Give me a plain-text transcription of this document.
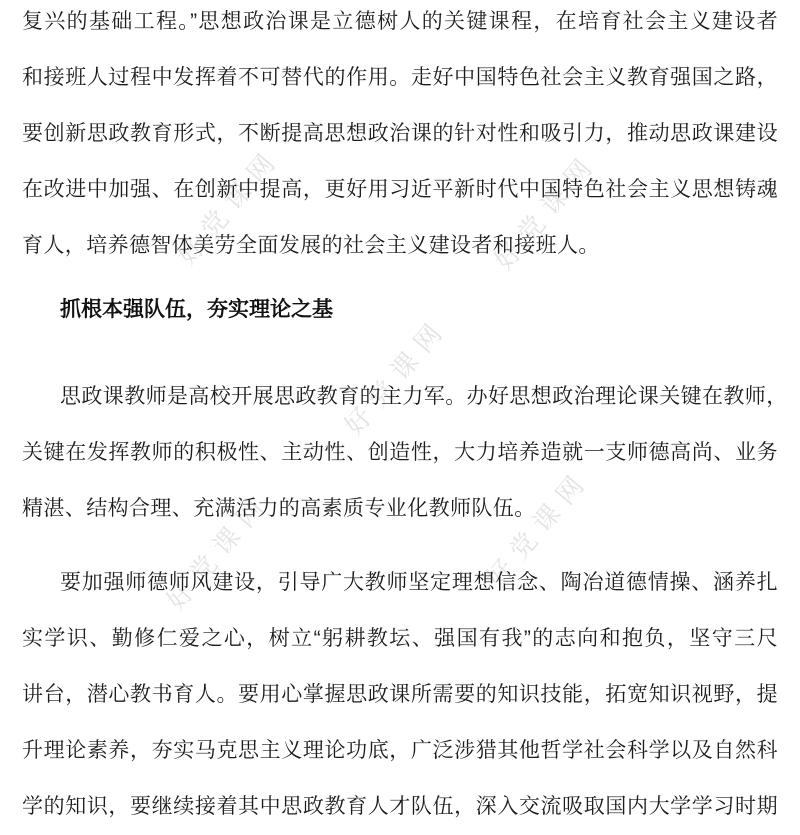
好党课网	好党课网
好党课网
好党课网	好党课网
复兴的基础工程。”思想政治课是立德树人的关键课程，在培育社会主义建设者
和接班人过程中发挥着不可替代的作用。走好中国特色社会主义教育强国之路，
要创新思政教育形式，不断提高思想政治课的针对性和吸引力，推动思政课建设
在改进中加强、在创新中提高，更好用习近平新时代中国特色社会主义思想铸魂
育人，培养德智体美劳全面发展的社会主义建设者和接班人。
抓根本强队伍，夯实理论之基
思政课教师是高校开展思政教育的主力军。办好思想政治理论课关键在教师，
关键在发挥教师的积极性、主动性、创造性，大力培养造就一支师德高尚、业务
精湛、结构合理、充满活力的高素质专业化教师队伍。
要加强师德师风建设，引导广大教师坚定理想信念、陶冶道德情操、涵养扎
实学识、勤修仁爱之心，树立“躬耕教坛、强国有我”的志向和抱负，坚守三尺
讲台，潜心教书育人。要用心掌握思政课所需要的知识技能，拓宽知识视野，提
升理论素养，夯实马克思主义理论功底，广泛涉猎其他哲学社会科学以及自然科
学的知识，要继续接着其中思政教育人才队伍，深入交流吸取国内大学学习时期
